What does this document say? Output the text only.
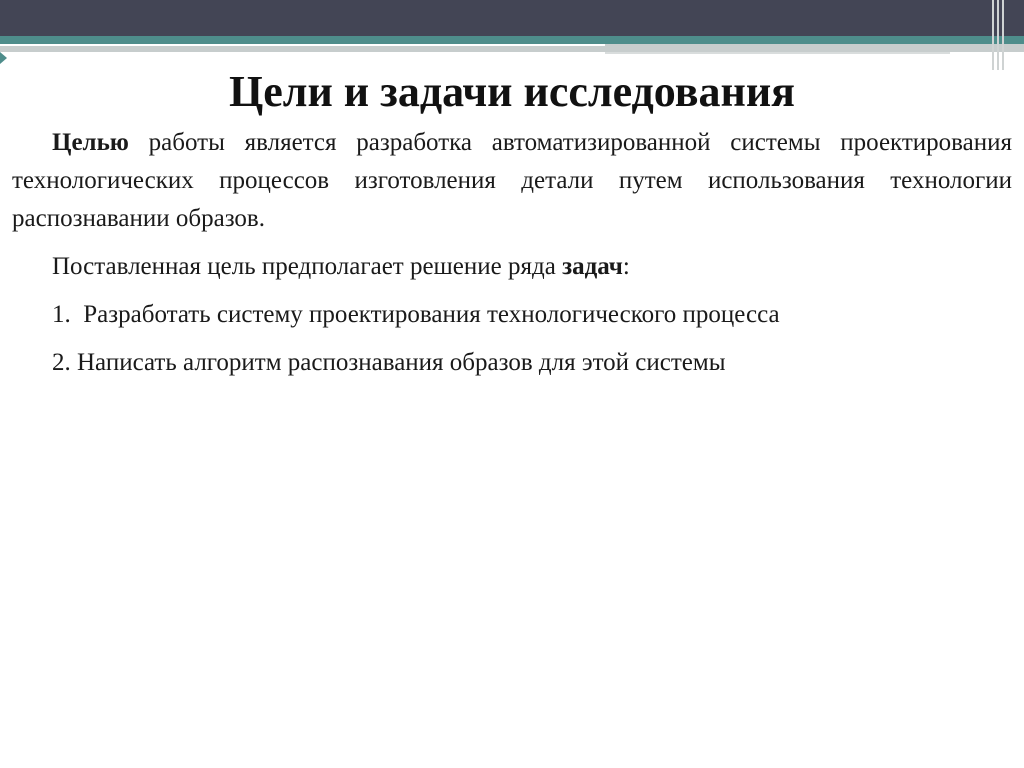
Цели и задачи исследования

Целью работы является разработка автоматизированной системы проектирования технологических процессов изготовления детали путем использования технологии распознавании образов.

Поставленная цель предполагает решение ряда задач:

1.  Разработать систему проектирования технологического процесса

2. Написать алгоритм распознавания образов для этой системы
